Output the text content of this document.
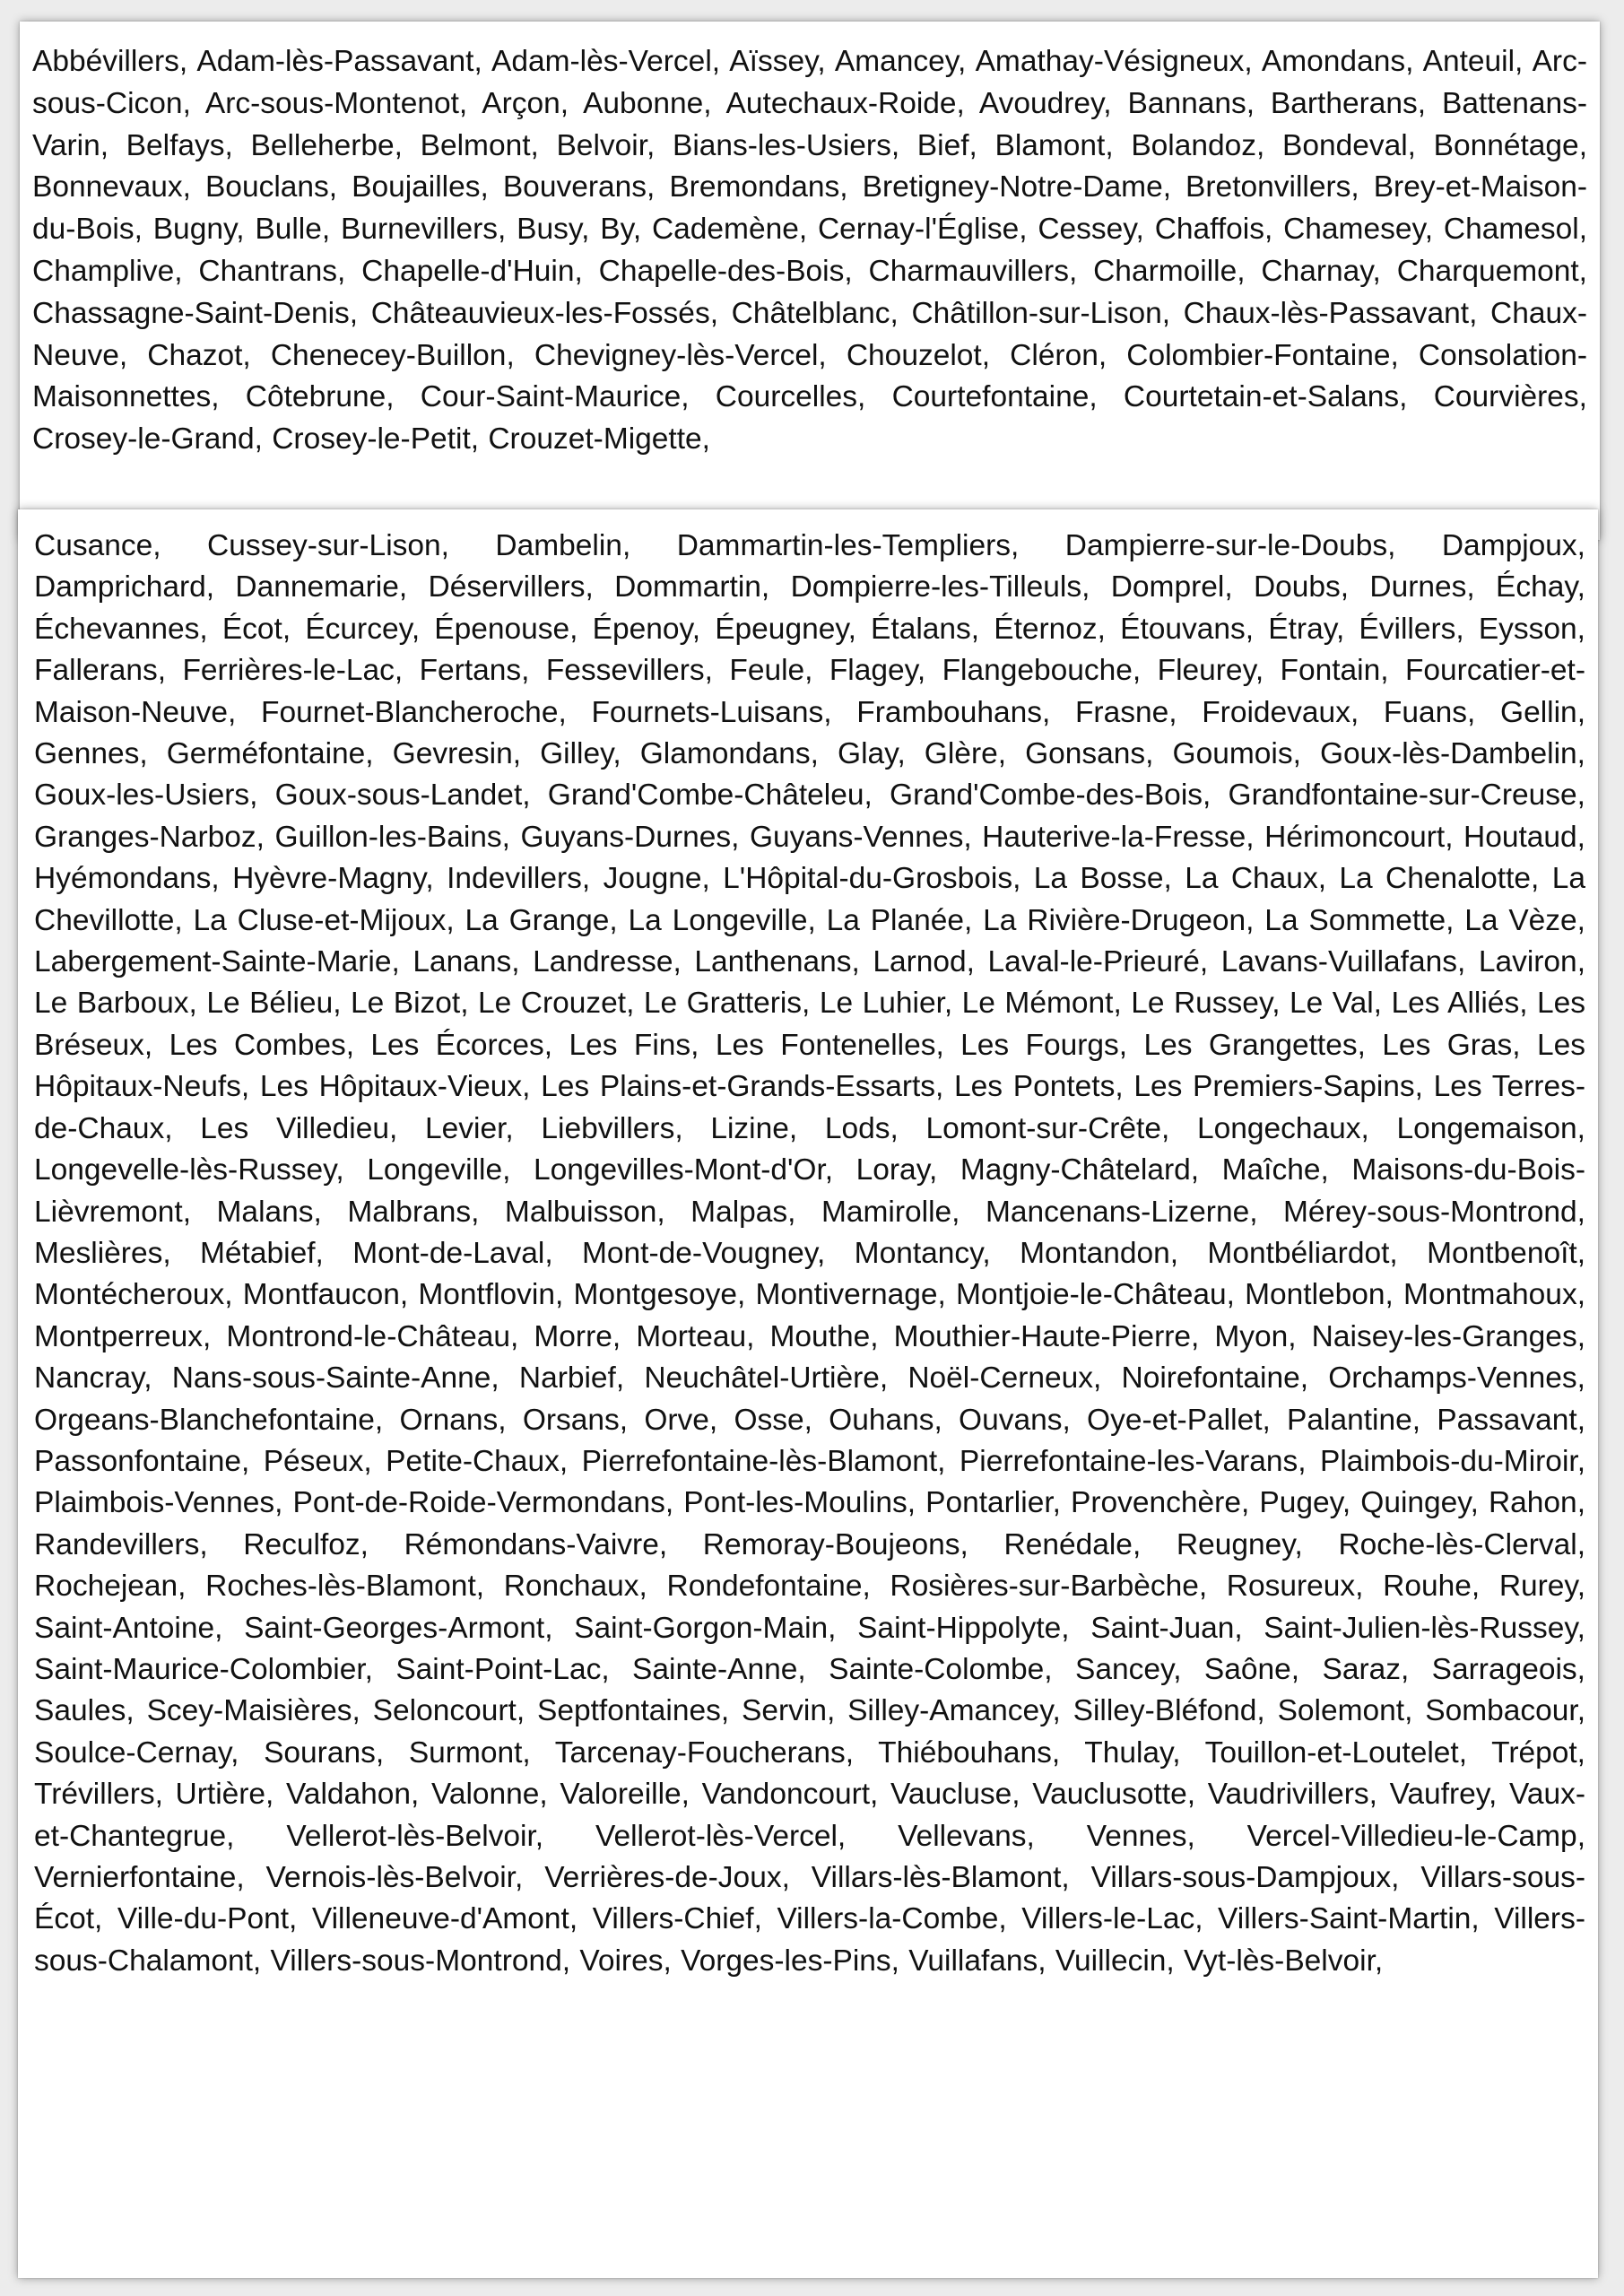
Abbévillers, Adam-lès-Passavant, Adam-lès-Vercel, Aïssey, Amancey, Amathay-Vésigneux, Amondans, Anteuil, Arc-sous-Cicon, Arc-sous-Montenot, Arçon, Aubonne, Autechaux-Roide, Avoudrey, Bannans, Bartherans, Battenans-Varin, Belfays, Belleherbe, Belmont, Belvoir, Bians-les-Usiers, Bief, Blamont, Bolandoz, Bondeval, Bonnétage, Bonnevaux, Bouclans, Boujailles, Bouverans, Bremondans, Bretigney-Notre-Dame, Bretonvillers, Brey-et-Maison-du-Bois, Bugny, Bulle, Burnevillers, Busy, By, Cademène, Cernay-l'Église, Cessey, Chaffois, Chamesey, Chamesol, Champlive, Chantrans, Chapelle-d'Huin, Chapelle-des-Bois, Charmauvillers, Charmoille, Charnay, Charquemont, Chassagne-Saint-Denis, Châteauvieux-les-Fossés, Châtelblanc, Châtillon-sur-Lison, Chaux-lès-Passavant, Chaux-Neuve, Chazot, Chenecey-Buillon, Chevigney-lès-Vercel, Chouzelot, Cléron, Colombier-Fontaine, Consolation-Maisonnettes, Côtebrune, Cour-Saint-Maurice, Courcelles, Courtefontaine, Courtetain-et-Salans, Courvières, Crosey-le-Grand, Crosey-le-Petit, Crouzet-Migette,

Cusance, Cussey-sur-Lison, Dambelin, Dammartin-les-Templiers, Dampierre-sur-le-Doubs, Dampjoux, Damprichard, Dannemarie, Déservillers, Dommartin, Dompierre-les-Tilleuls, Domprel, Doubs, Durnes, Échay, Échevannes, Écot, Écurcey, Épenouse, Épenoy, Épeugney, Étalans, Éternoz, Étouvans, Étray, Évillers, Eysson, Fallerans, Ferrières-le-Lac, Fertans, Fessevillers, Feule, Flagey, Flangebouche, Fleurey, Fontain, Fourcatier-et-Maison-Neuve, Fournet-Blancheroche, Fournets-Luisans, Frambouhans, Frasne, Froidevaux, Fuans, Gellin, Gennes, Germéfontaine, Gevresin, Gilley, Glamondans, Glay, Glère, Gonsans, Goumois, Goux-lès-Dambelin, Goux-les-Usiers, Goux-sous-Landet, Grand'Combe-Châteleu, Grand'Combe-des-Bois, Grandfontaine-sur-Creuse, Granges-Narboz, Guillon-les-Bains, Guyans-Durnes, Guyans-Vennes, Hauterive-la-Fresse, Hérimoncourt, Houtaud, Hyémondans, Hyèvre-Magny, Indevillers, Jougne, L'Hôpital-du-Grosbois, La Bosse, La Chaux, La Chenalotte, La Chevillotte, La Cluse-et-Mijoux, La Grange, La Longeville, La Planée, La Rivière-Drugeon, La Sommette, La Vèze, Labergement-Sainte-Marie, Lanans, Landresse, Lanthenans, Larnod, Laval-le-Prieuré, Lavans-Vuillafans, Laviron, Le Barboux, Le Bélieu, Le Bizot, Le Crouzet, Le Gratteris, Le Luhier, Le Mémont, Le Russey, Le Val, Les Alliés, Les Bréseux, Les Combes, Les Écorces, Les Fins, Les Fontenelles, Les Fourgs, Les Grangettes, Les Gras, Les Hôpitaux-Neufs, Les Hôpitaux-Vieux, Les Plains-et-Grands-Essarts, Les Pontets, Les Premiers-Sapins, Les Terres-de-Chaux, Les Villedieu, Levier, Liebvillers, Lizine, Lods, Lomont-sur-Crête, Longechaux, Longemaison, Longevelle-lès-Russey, Longeville, Longevilles-Mont-d'Or, Loray, Magny-Châtelard, Maîche, Maisons-du-Bois-Lièvremont, Malans, Malbrans, Malbuisson, Malpas, Mamirolle, Mancenans-Lizerne, Mérey-sous-Montrond, Meslières, Métabief, Mont-de-Laval, Mont-de-Vougney, Montancy, Montandon, Montbéliardot, Montbenoît, Montécheroux, Montfaucon, Montflovin, Montgesoye, Montivernage, Montjoie-le-Château, Montlebon, Montmahoux, Montperreux, Montrond-le-Château, Morre, Morteau, Mouthe, Mouthier-Haute-Pierre, Myon, Naisey-les-Granges, Nancray, Nans-sous-Sainte-Anne, Narbief, Neuchâtel-Urtière, Noël-Cerneux, Noirefontaine, Orchamps-Vennes, Orgeans-Blanchefontaine, Ornans, Orsans, Orve, Osse, Ouhans, Ouvans, Oye-et-Pallet, Palantine, Passavant, Passonfontaine, Péseux, Petite-Chaux, Pierrefontaine-lès-Blamont, Pierrefontaine-les-Varans, Plaimbois-du-Miroir, Plaimbois-Vennes, Pont-de-Roide-Vermondans, Pont-les-Moulins, Pontarlier, Provenchère, Pugey, Quingey, Rahon, Randevillers, Reculfoz, Rémondans-Vaivre, Remoray-Boujeons, Renédale, Reugney, Roche-lès-Clerval, Rochejean, Roches-lès-Blamont, Ronchaux, Rondefontaine, Rosières-sur-Barbèche, Rosureux, Rouhe, Rurey, Saint-Antoine, Saint-Georges-Armont, Saint-Gorgon-Main, Saint-Hippolyte, Saint-Juan, Saint-Julien-lès-Russey, Saint-Maurice-Colombier, Saint-Point-Lac, Sainte-Anne, Sainte-Colombe, Sancey, Saône, Saraz, Sarrageois, Saules, Scey-Maisières, Seloncourt, Septfontaines, Servin, Silley-Amancey, Silley-Bléfond, Solemont, Sombacour, Soulce-Cernay, Sourans, Surmont, Tarcenay-Foucherans, Thiébouhans, Thulay, Touillon-et-Loutelet, Trépot, Trévillers, Urtière, Valdahon, Valonne, Valoreille, Vandoncourt, Vaucluse, Vauclusotte, Vaudrivillers, Vaufrey, Vaux-et-Chantegrue, Vellerot-lès-Belvoir, Vellerot-lès-Vercel, Vellevans, Vennes, Vercel-Villedieu-le-Camp, Vernierfontaine, Vernois-lès-Belvoir, Verrières-de-Joux, Villars-lès-Blamont, Villars-sous-Dampjoux, Villars-sous-Écot, Ville-du-Pont, Villeneuve-d'Amont, Villers-Chief, Villers-la-Combe, Villers-le-Lac, Villers-Saint-Martin, Villers-sous-Chalamont, Villers-sous-Montrond, Voires, Vorges-les-Pins, Vuillafans, Vuillecin, Vyt-lès-Belvoir,
